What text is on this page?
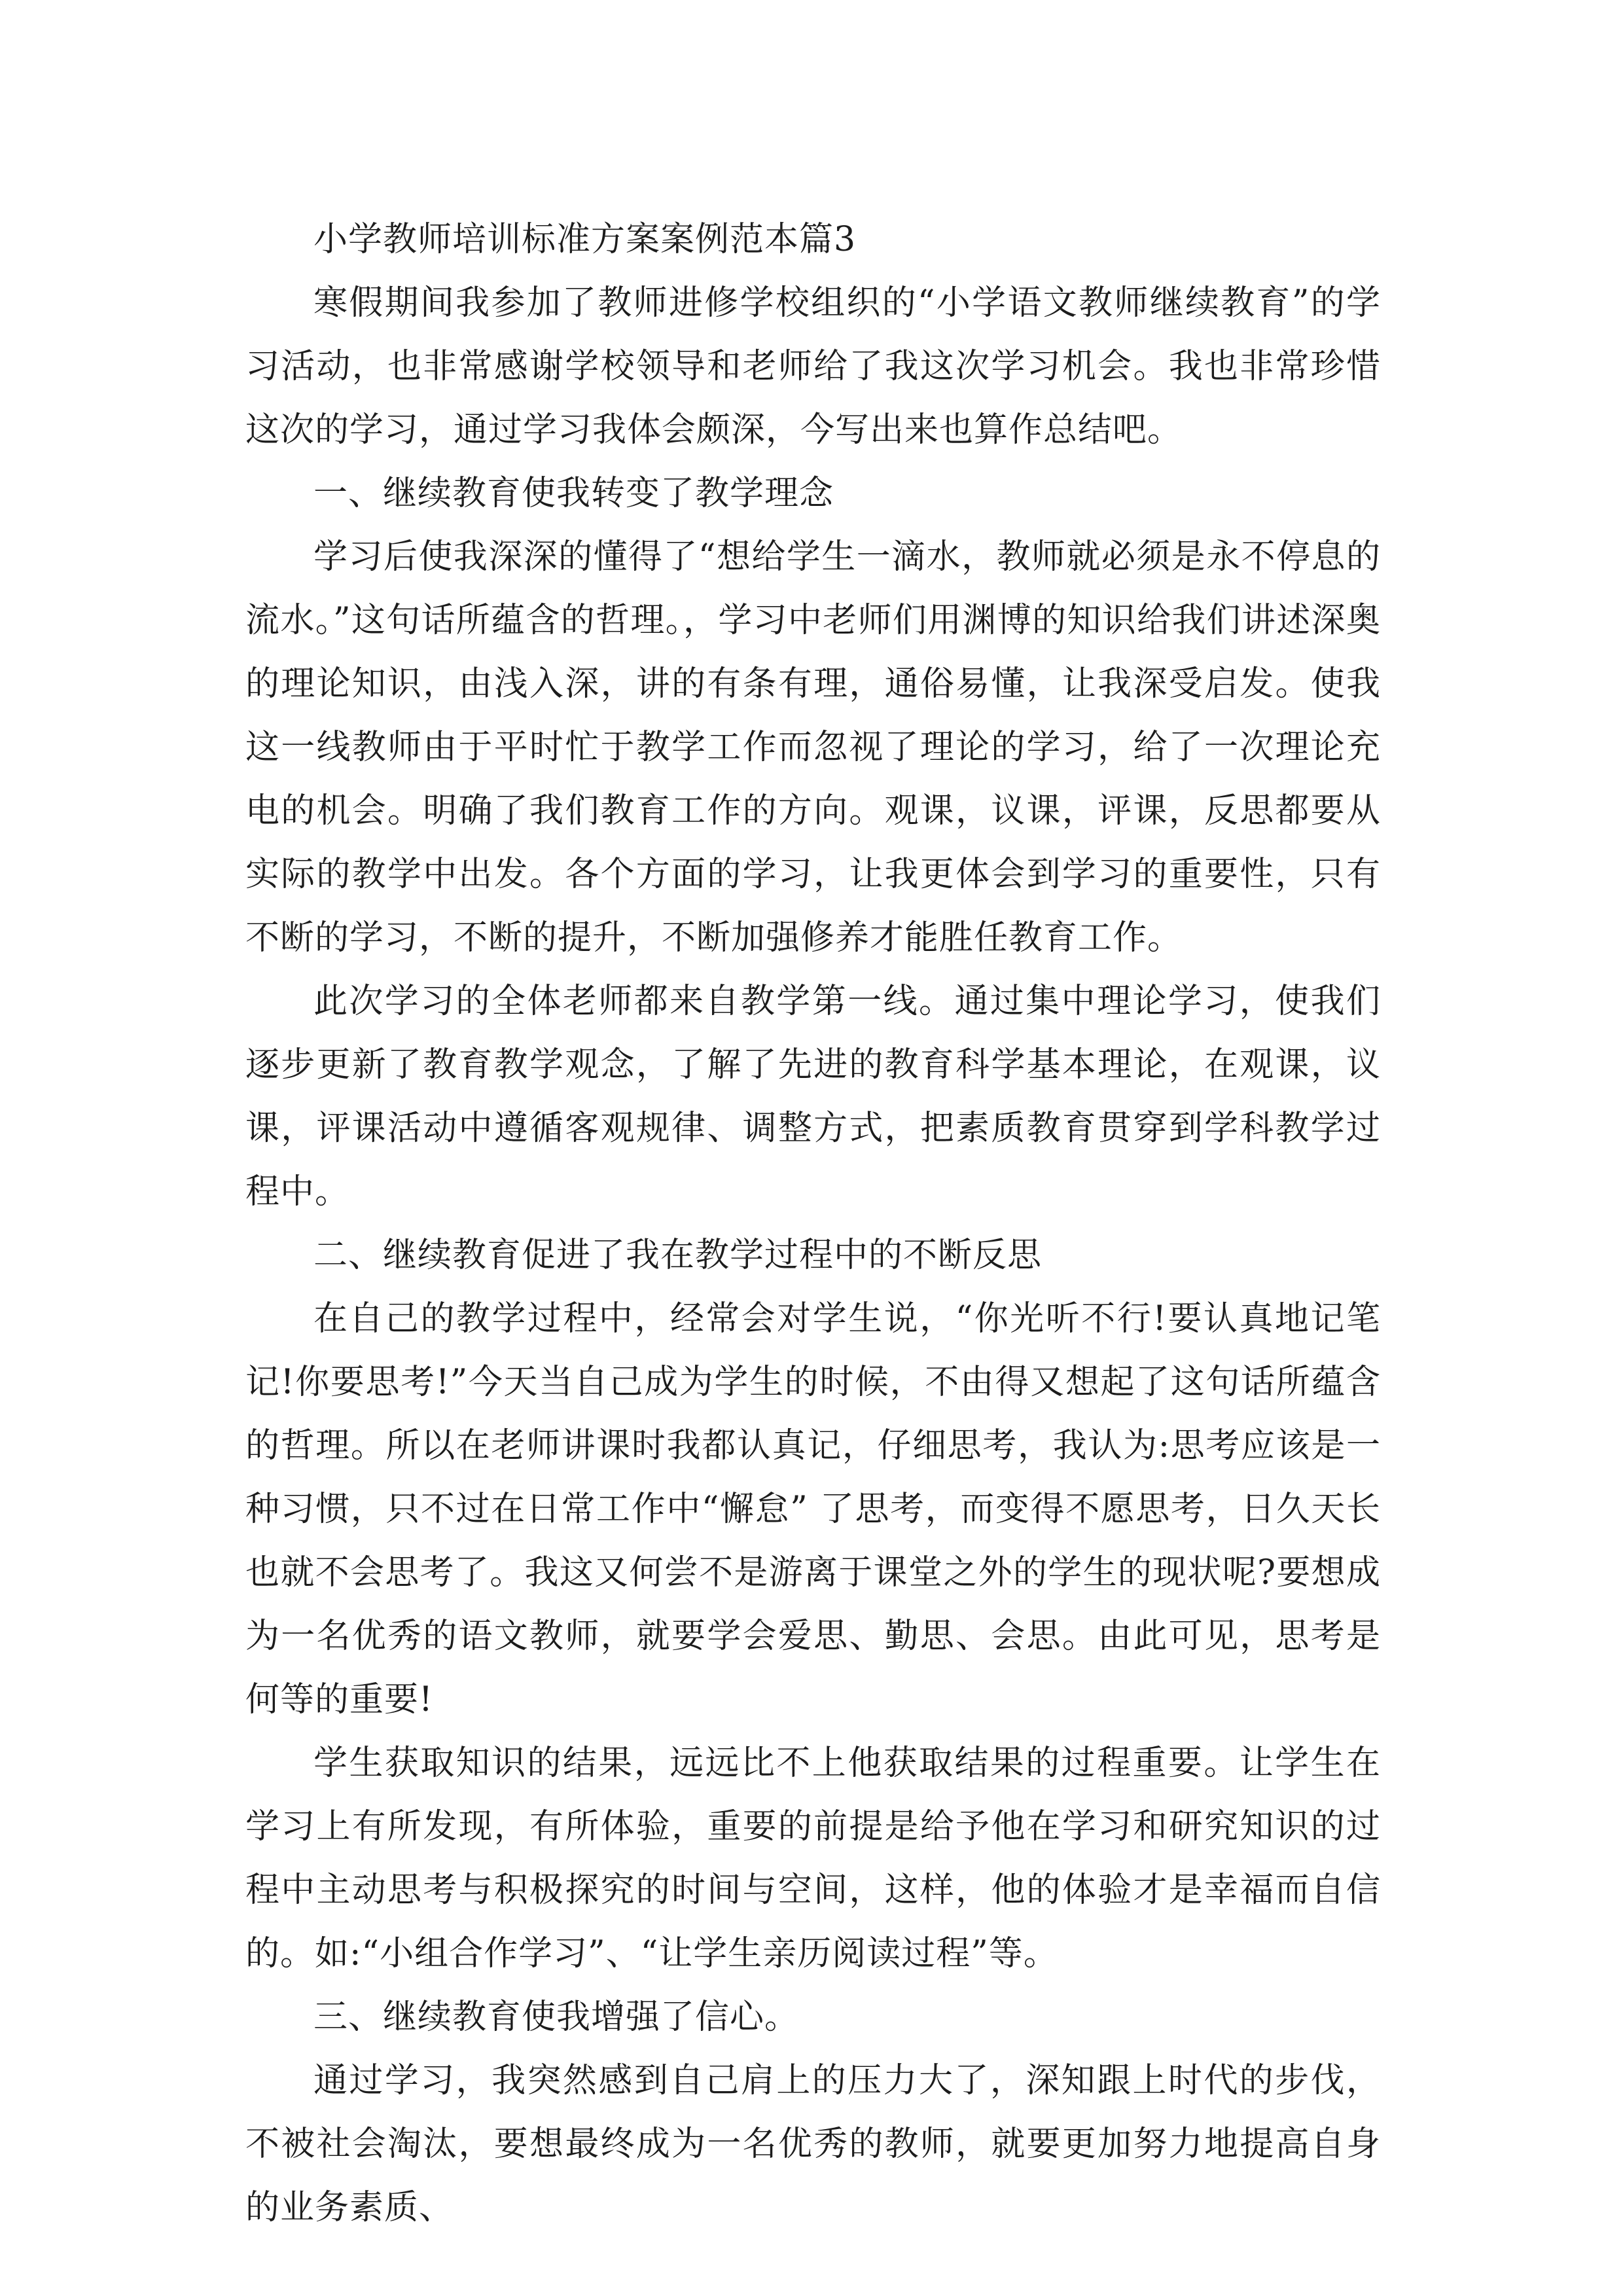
小学教师培训标准方案案例范本篇3

寒假期间我参加了教师进修学校组织的“小学语文教师继续教育”的学习活动，也非常感谢学校领导和老师给了我这次学习机会。我也非常珍惜这次的学习，通过学习我体会颇深，今写出来也算作总结吧。

一、继续教育使我转变了教学理念

学习后使我深深的懂得了“想给学生一滴水，教师就必须是永不停息的流水。”这句话所蕴含的哲理。，学习中老师们用渊博的知识给我们讲述深奥的理论知识，由浅入深，讲的有条有理，通俗易懂，让我深受启发。使我这一线教师由于平时忙于教学工作而忽视了理论的学习，给了一次理论充电的机会。明确了我们教育工作的方向。观课，议课，评课，反思都要从实际的教学中出发。各个方面的学习，让我更体会到学习的重要性，只有不断的学习，不断的提升，不断加强修养才能胜任教育工作。

此次学习的全体老师都来自教学第一线。通过集中理论学习，使我们逐步更新了教育教学观念，了解了先进的教育科学基本理论，在观课，议课，评课活动中遵循客观规律、调整方式，把素质教育贯穿到学科教学过程中。

二、继续教育促进了我在教学过程中的不断反思

在自己的教学过程中，经常会对学生说，“你光听不行!要认真地记笔记!你要思考!”今天当自己成为学生的时候，不由得又想起了这句话所蕴含的哲理。所以在老师讲课时我都认真记，仔细思考，我认为:思考应该是一种习惯，只不过在日常工作中“懈怠” 了思考，而变得不愿思考，日久天长也就不会思考了。我这又何尝不是游离于课堂之外的学生的现状呢?要想成为一名优秀的语文教师，就要学会爱思、勤思、会思。由此可见，思考是何等的重要!

学生获取知识的结果，远远比不上他获取结果的过程重要。让学生在学习上有所发现，有所体验，重要的前提是给予他在学习和研究知识的过程中主动思考与积极探究的时间与空间，这样，他的体验才是幸福而自信的。如:“小组合作学习”、“让学生亲历阅读过程”等。

三、继续教育使我增强了信心。

通过学习，我突然感到自己肩上的压力大了，深知跟上时代的步伐，不被社会淘汰，要想最终成为一名优秀的教师，就要更加努力地提高自身的业务素质、
